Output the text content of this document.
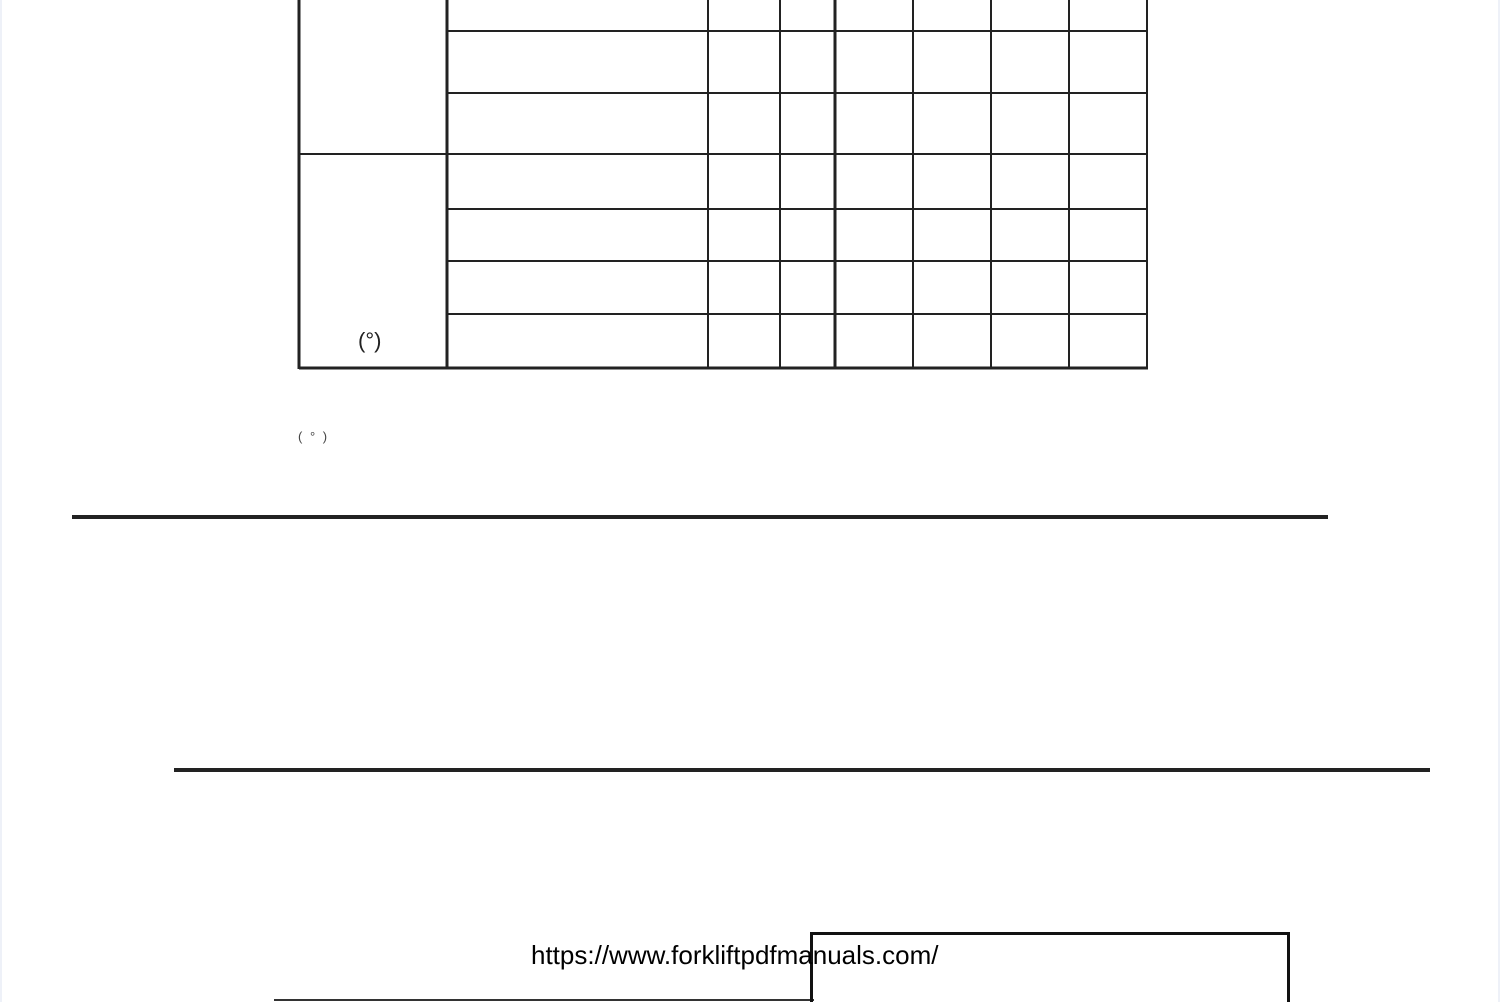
(°)
( ° )
https://www.forkliftpdfmanuals.com/
